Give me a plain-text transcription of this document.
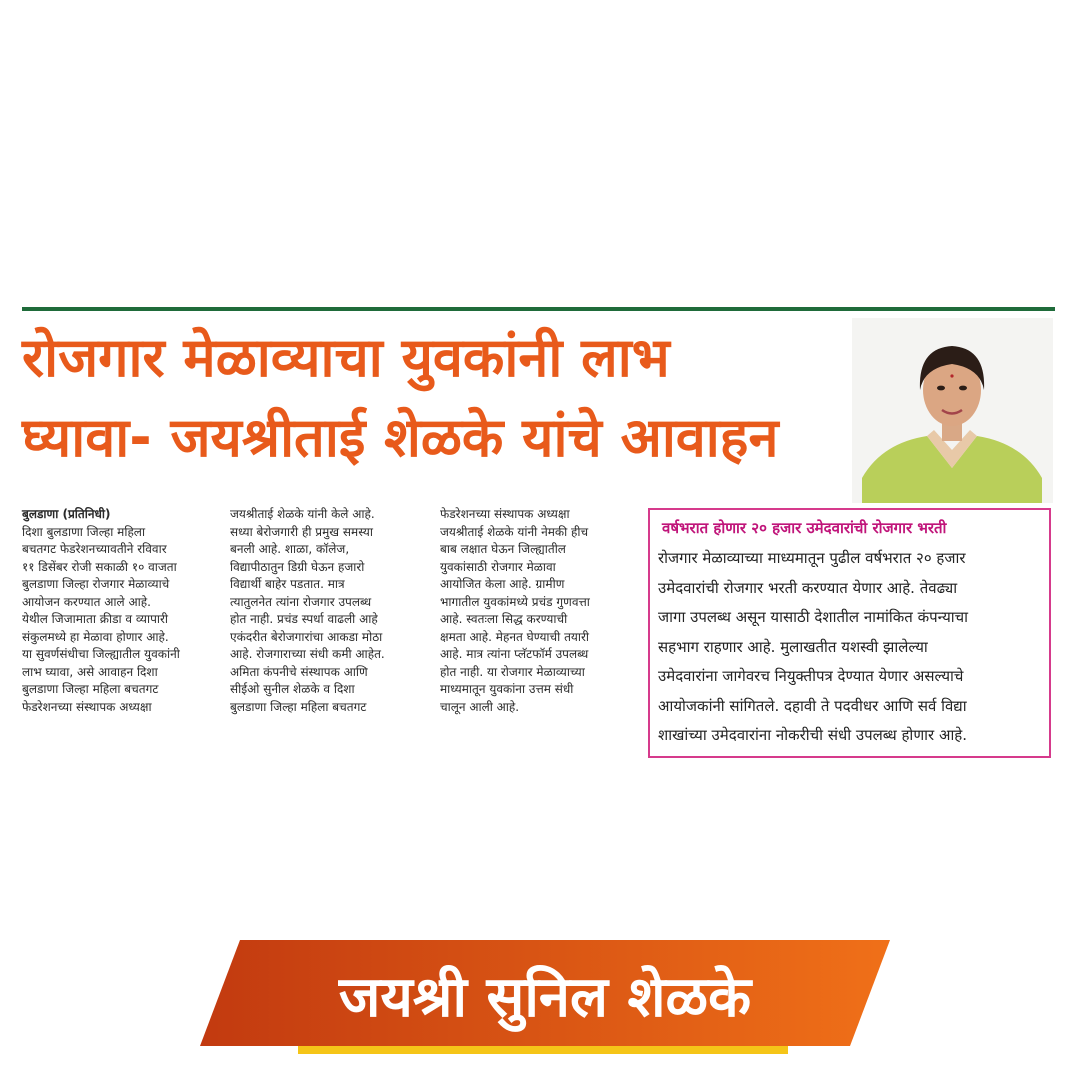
रोजगार मेळाव्याचा युवकांनी लाभ
घ्यावा- जयश्रीताई शेळके यांचे आवाहन
बुलडाणा (प्रतिनिधी)
दिशा बुलडाणा जिल्हा महिला
बचतगट फेडरेशनच्यावतीने रविवार
११ डिसेंबर रोजी सकाळी १० वाजता
बुलडाणा जिल्हा रोजगार मेळाव्याचे
आयोजन करण्यात आले आहे.
येथील जिजामाता क्रीडा व व्यापारी
संकुलमध्ये हा मेळावा होणार आहे.
या सुवर्णसंधीचा जिल्ह्यातील युवकांनी
लाभ घ्यावा, असे आवाहन दिशा
बुलडाणा जिल्हा महिला बचतगट
फेडरेशनच्या संस्थापक अध्यक्षा
जयश्रीताई शेळके यांनी केले आहे.
सध्या बेरोजगारी ही प्रमुख समस्या
बनली आहे. शाळा, कॉलेज,
विद्यापीठातुन डिग्री घेऊन हजारो
विद्यार्थी बाहेर पडतात. मात्र
त्यातुलनेत त्यांना रोजगार उपलब्ध
होत नाही. प्रचंड स्पर्धा वाढली आहे
एकंदरीत बेरोजगारांचा आकडा मोठा
आहे. रोजगाराच्या संधी कमी आहेत.
अमिता कंपनीचे संस्थापक आणि
सीईओ सुनील शेळके व दिशा
बुलडाणा जिल्हा महिला बचतगट
फेडरेशनच्या संस्थापक अध्यक्षा
जयश्रीताई शेळके यांनी नेमकी हीच
बाब लक्षात घेऊन जिल्ह्यातील
युवकांसाठी रोजगार मेळावा
आयोजित केला आहे. ग्रामीण
भागातील युवकांमध्ये प्रचंड गुणवत्ता
आहे. स्वतःला सिद्ध करण्याची
क्षमता आहे. मेहनत घेण्याची तयारी
आहे. मात्र त्यांना प्लॅटफॉर्म उपलब्ध
होत नाही. या रोजगार मेळाव्याच्या
माध्यमातून युवकांना उत्तम संधी
चालून आली आहे.
वर्षभरात होणार २० हजार उमेदवारांची रोजगार भरती
रोजगार मेळाव्याच्या माध्यमातून पुढील वर्षभरात २० हजार
उमेदवारांची रोजगार भरती करण्यात येणार आहे. तेवढ्या
जागा उपलब्ध असून यासाठी देशातील नामांकित कंपन्याचा
सहभाग राहणार आहे. मुलाखतीत यशस्वी झालेल्या
उमेदवारांना जागेवरच नियुक्तीपत्र देण्यात येणार असल्याचे
आयोजकांनी सांगितले. दहावी ते पदवीधर आणि सर्व विद्या
शाखांच्या उमेदवारांना नोकरीची संधी उपलब्ध होणार आहे.
जयश्री सुनिल शेळके
